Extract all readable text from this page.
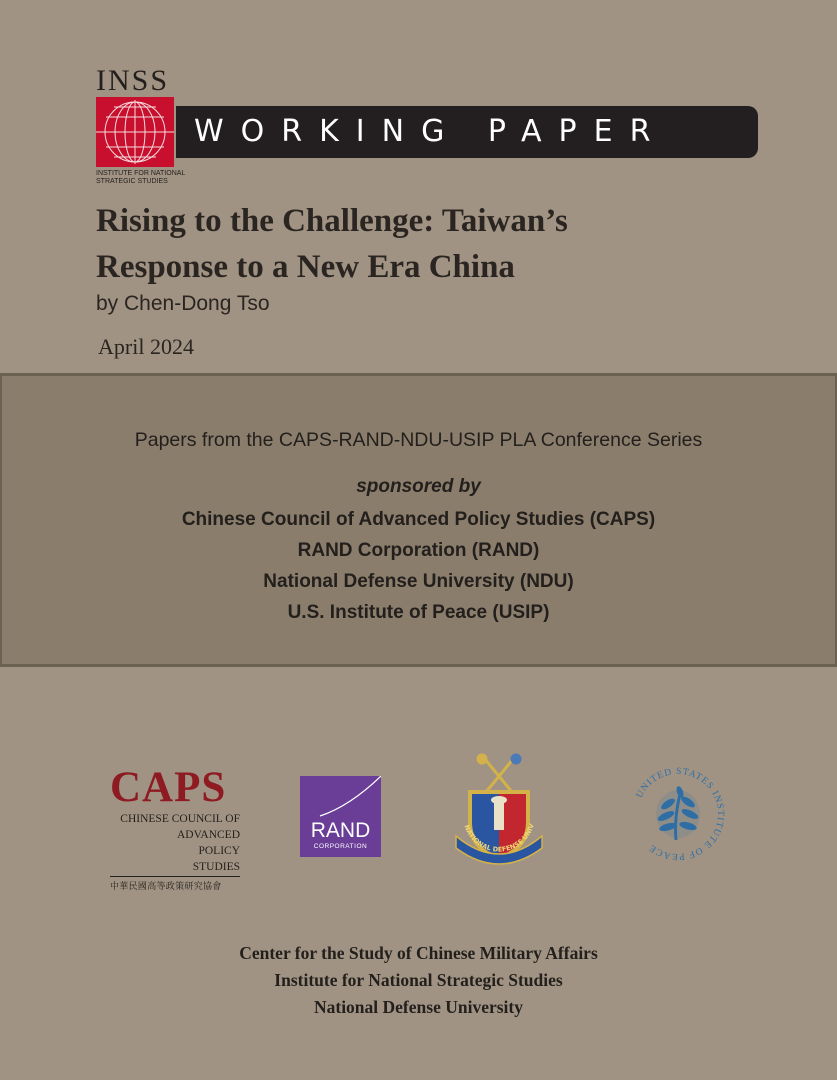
INSS
INSTITUTE FOR NATIONAL STRATEGIC STUDIES
WORKING PAPER
Rising to the Challenge: Taiwan’s
Response to a New Era China
by Chen-Dong Tso
April 2024
Papers from the CAPS-RAND-NDU-USIP PLA Conference Series
sponsored by
Chinese Council of Advanced Policy Studies (CAPS)
RAND Corporation (RAND)
National Defense University (NDU)
U.S. Institute of Peace (USIP)
CAPS
CHINESE COUNCIL OF
ADVANCED
POLICY
STUDIES
中華民國高等政策研究協會
RAND
CORPORATION
NATIONAL DEFENSE UNIV
UNITED STATES INSTITUTE OF PEACE
Center for the Study of Chinese Military Affairs
Institute for National Strategic Studies
National Defense University
